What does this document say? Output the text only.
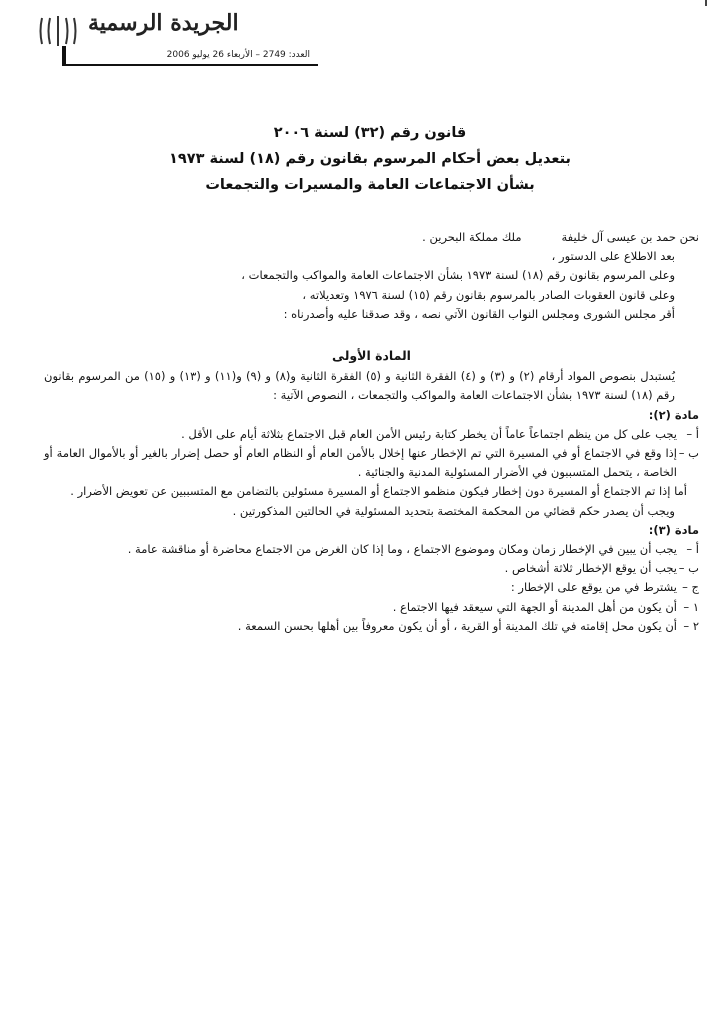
الجريدة الرسمية
العدد: 2749 – الأربعاء 26 يوليو 2006
قانون رقم (٣٢) لسنة ٢٠٠٦
بتعديل بعض أحكام المرسوم بقانون رقم (١٨) لسنة ١٩٧٣
بشأن الاجتماعات العامة والمسيرات والتجمعات
نحن حمد بن عيسى آل خليفة
ملك مملكة البحرين .

بعد الاطلاع على الدستور ،

وعلى المرسوم بقانون رقم (١٨) لسنة ١٩٧٣ بشأن الاجتماعات العامة والمواكب والتجمعات ،

وعلى قانون العقوبات الصادر بالمرسوم بقانون رقم (١٥) لسنة ١٩٧٦ وتعديلاته ،

أقر مجلس الشورى ومجلس النواب القانون الآتي نصه ، وقد صدقنا عليه وأصدرناه :

المادة الأولى

يُستبدل بنصوص المواد أرقام (٢) و (٣) و (٤) الفقرة الثانية و (٥) الفقرة الثانية و(٨) و (٩) و(١١) و (١٣) و (١٥) من المرسوم بقانون رقم (١٨) لسنة ١٩٧٣ بشأن الاجتماعات العامة والمواكب والتجمعات ، النصوص الآتية :

مادة (٢):
أ –
يجب على كل من ينظم اجتماعاً عاماً أن يخطر كتابة رئيس الأمن العام قبل الاجتماع بثلاثة أيام على الأقل .
ب –
إذا وقع في الاجتماع أو في المسيرة التي تم الإخطار عنها إخلال بالأمن العام أو النظام العام أو حصل إضرار بالغير أو بالأموال العامة أو الخاصة ، يتحمل المتسببون في الأضرار المسئولية المدنية والجنائية .

أما إذا تم الاجتماع أو المسيرة دون إخطار فيكون منظمو الاجتماع أو المسيرة مسئولين بالتضامن مع المتسببين عن تعويض الأضرار .

ويجب أن يصدر حكم قضائي من المحكمة المختصة بتحديد المسئولية في الحالتين المذكورتين .

مادة (٣):
أ –
يجب أن يبين في الإخطار زمان ومكان وموضوع الاجتماع ، وما إذا كان الغرض من الاجتماع محاضرة أو مناقشة عامة .
ب –
يجب أن يوقع الإخطار ثلاثة أشخاص .
ج –
يشترط في من يوقع على الإخطار :
١ –
أن يكون من أهل المدينة أو الجهة التي سيعقد فيها الاجتماع .
٢ –
أن يكون محل إقامته في تلك المدينة أو القرية ، أو أن يكون معروفاً بين أهلها بحسن السمعة .
